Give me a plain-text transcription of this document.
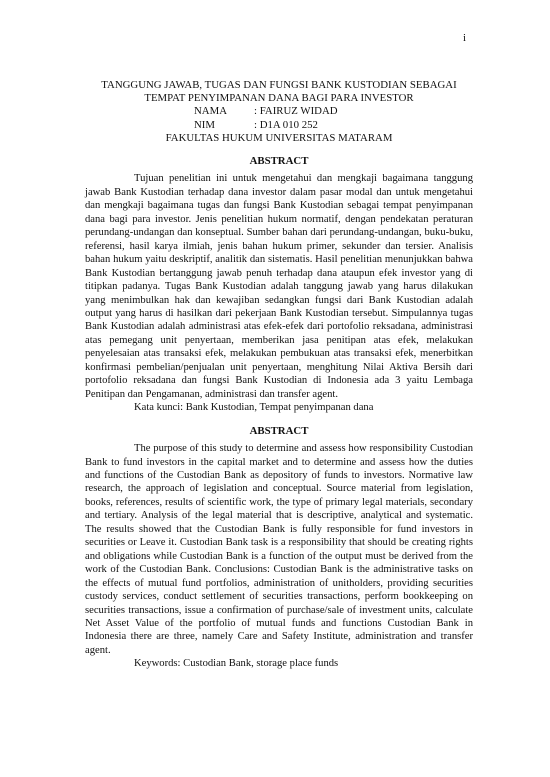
i
TANGGUNG JAWAB, TUGAS DAN FUNGSI BANK KUSTODIAN SEBAGAI
TEMPAT PENYIMPANAN DANA BAGI PARA INVESTOR
NAMA	: FAIRUZ WIDAD
NIM	: D1A 010 252
FAKULTAS HUKUM UNIVERSITAS MATARAM
ABSTRACT

Tujuan penelitian ini untuk mengetahui dan mengkaji bagaimana tanggung jawab Bank Kustodian terhadap dana investor dalam pasar modal dan untuk mengetahui dan mengkaji bagaimana tugas dan fungsi Bank Kustodian sebagai tempat penyimpanan dana bagi para investor. Jenis penelitian hukum normatif, dengan pendekatan peraturan perundang-undangan dan konseptual. Sumber bahan dari perundang-undangan, buku-buku, referensi, hasil karya ilmiah, jenis bahan hukum primer, sekunder dan tersier. Analisis bahan hukum yaitu deskriptif, analitik dan sistematis. Hasil penelitian menunjukkan bahwa Bank Kustodian bertanggung jawab penuh terhadap dana ataupun efek investor yang di titipkan padanya. Tugas Bank Kustodian adalah tanggung jawab yang harus dilakukan yang menimbulkan hak dan kewajiban sedangkan fungsi dari Bank Kustodian adalah output yang harus di hasilkan dari pekerjaan Bank Kustodian tersebut. Simpulannya tugas Bank Kustodian adalah administrasi atas efek-efek dari portofolio reksadana, administrasi atas pemegang unit penyertaan, memberikan jasa penitipan atas efek, melakukan penyelesaian atas transaksi efek, melakukan pembukuan atas transaksi efek, menerbitkan konfirmasi pembelian/penjualan unit penyertaan, menghitung Nilai Aktiva Bersih dari portofolio reksadana dan fungsi Bank Kustodian di Indonesia ada 3 yaitu Lembaga Penitipan dan Pengamanan, administrasi dan transfer agent.

Kata kunci: Bank Kustodian, Tempat penyimpanan dana

ABSTRACT

The purpose of this study to determine and assess how responsibility Custodian Bank to fund investors in the capital market and to determine and assess how the duties and functions of the Custodian Bank as depository of funds to investors. Normative law research, the approach of legislation and conceptual. Source material from legislation, books, references, results of scientific work, the type of primary legal materials, secondary and tertiary. Analysis of the legal material that is descriptive, analytical and systematic. The results showed that the Custodian Bank is fully responsible for fund investors in securities or Leave it. Custodian Bank task is a responsibility that should be creating rights and obligations while Custodian Bank is a function of the output must be derived from the work of the Custodian Bank. Conclusions: Custodian Bank is the administrative tasks on the effects of mutual fund portfolios, administration of unitholders, providing securities custody services, conduct settlement of securities transactions, perform bookkeeping on securities transactions, issue a confirmation of purchase/sale of investment units, calculate Net Asset Value of the portfolio of mutual funds and functions Custodian Bank in Indonesia there are three, namely Care and Safety Institute, administration and transfer agent.

Keywords: Custodian Bank, storage place funds
